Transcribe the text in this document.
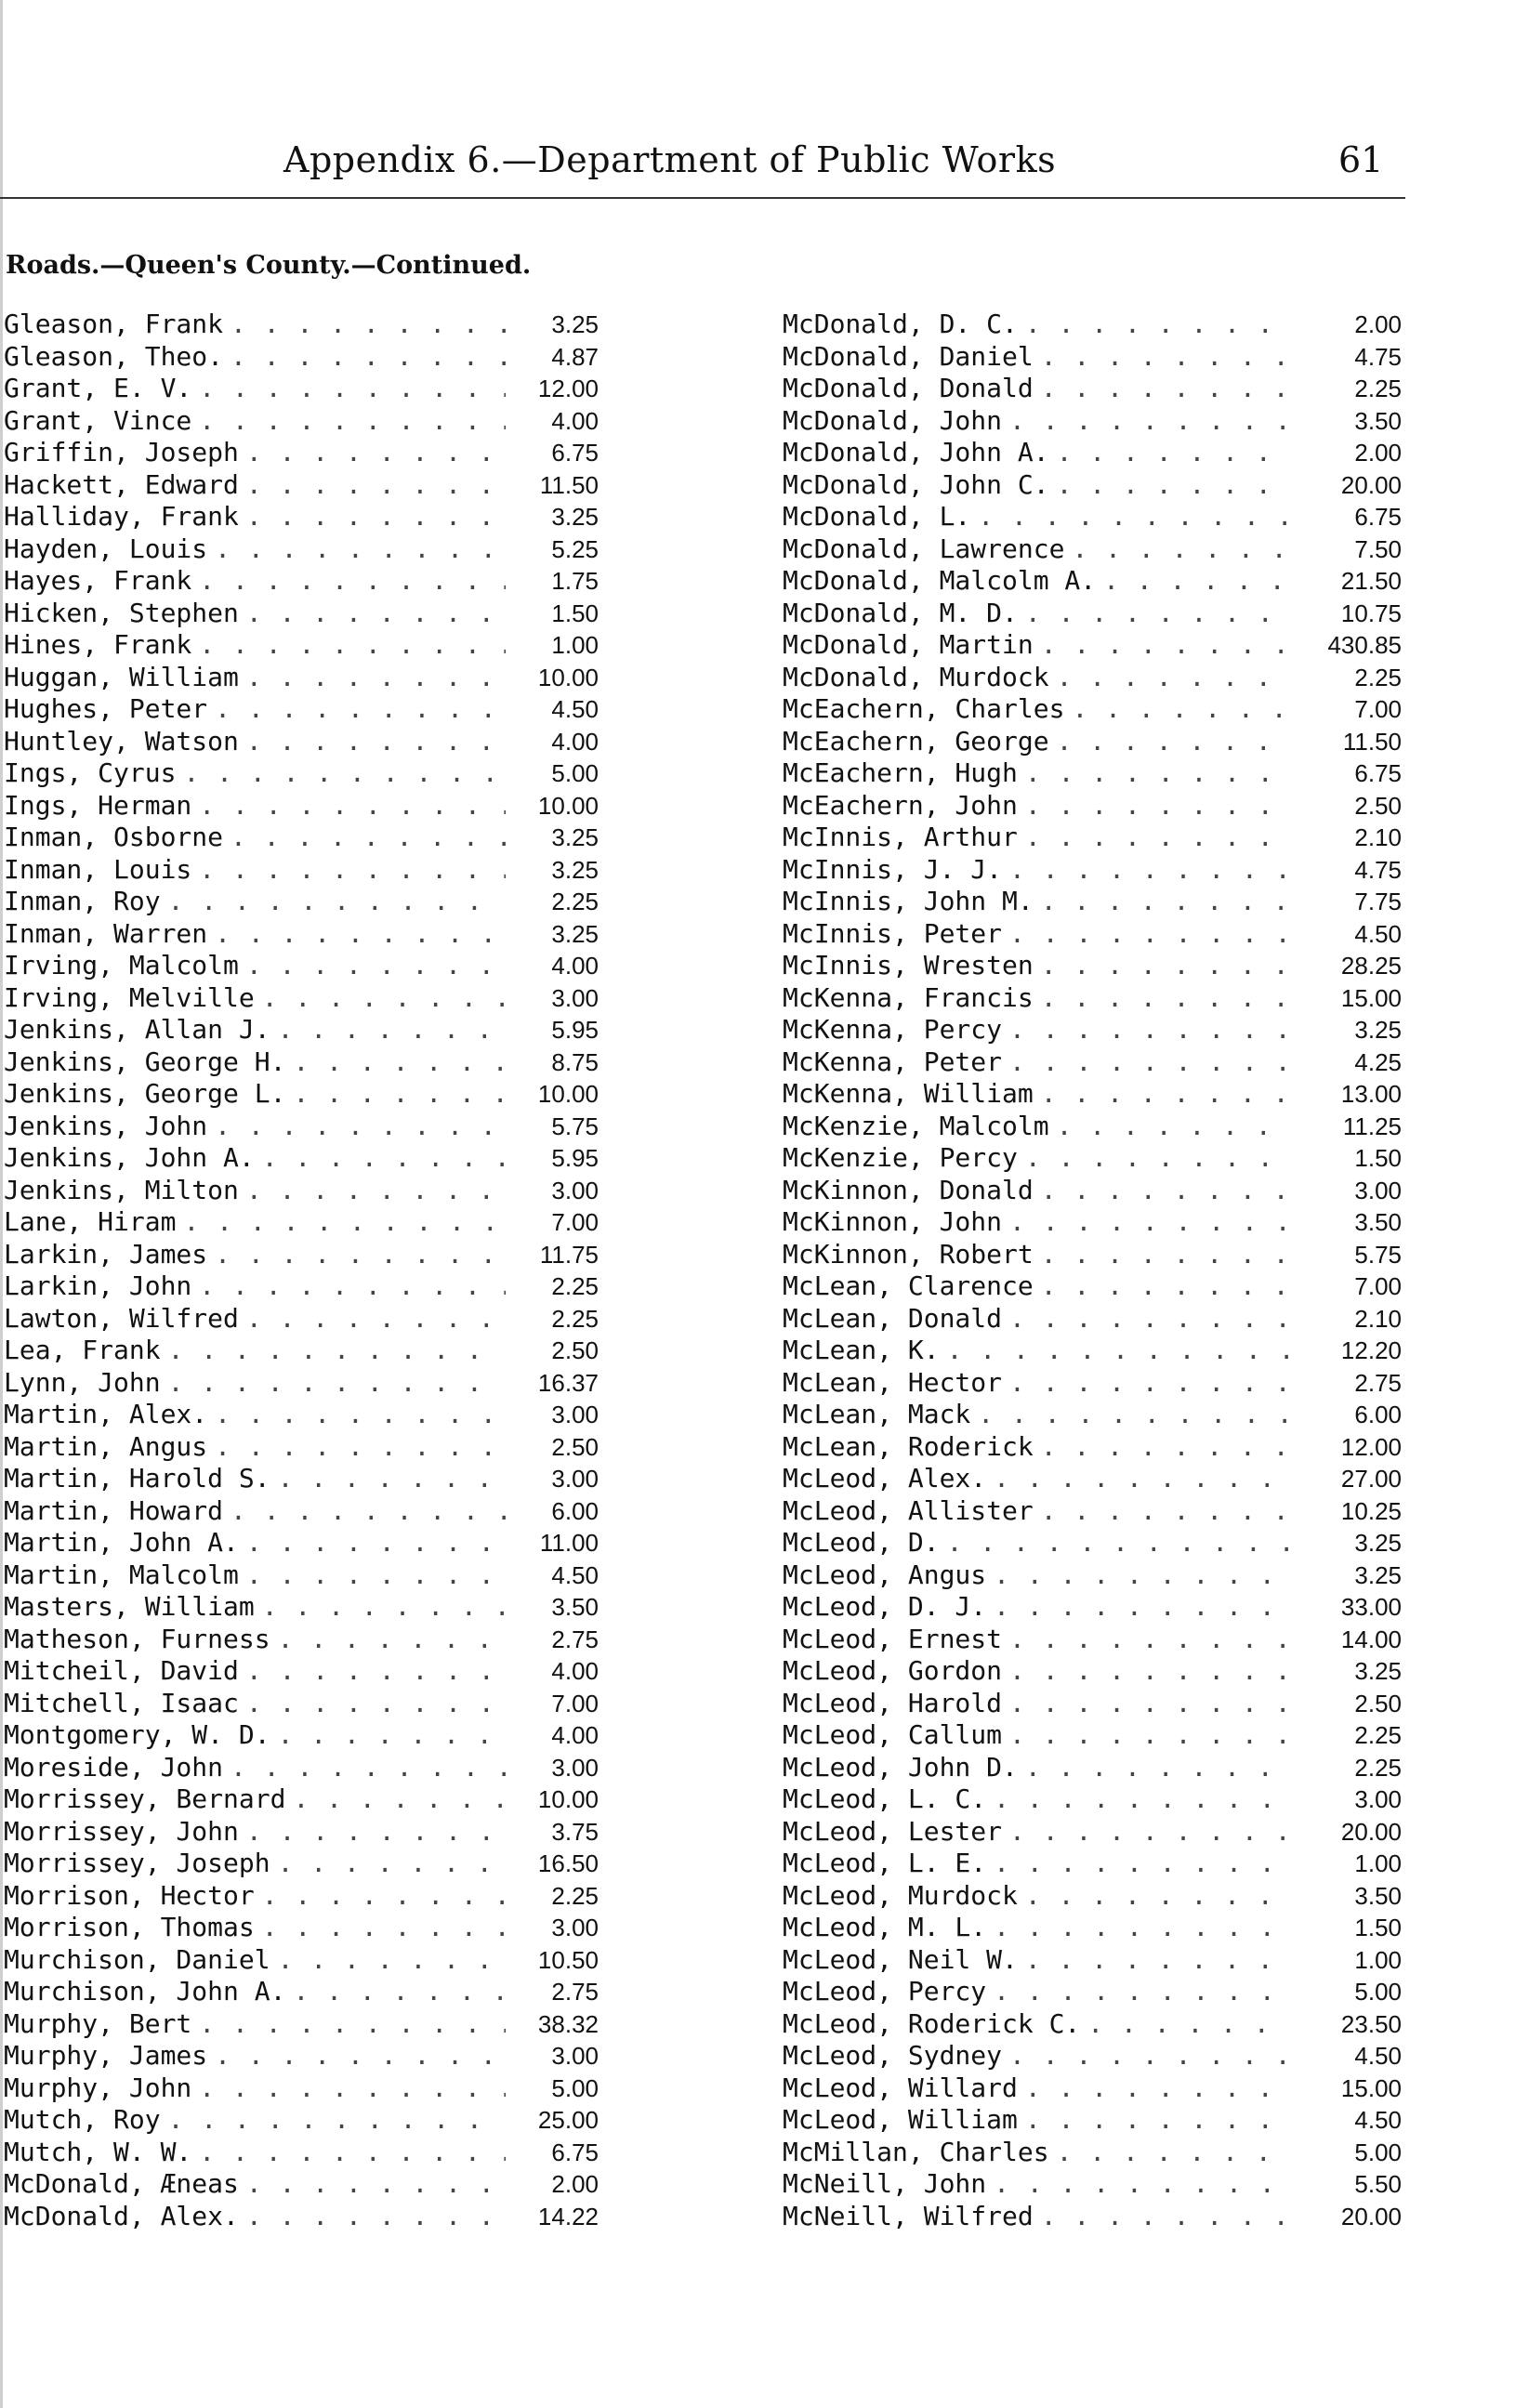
Appendix 6.—Department of Public Works	61
Roads.—Queen's County.—Continued.
Gleason, Frank . . .	3.25
Gleason, Theo. . . .	4.87
Grant, E. V. . . .	12.00
Grant, Vince . . .	4.00
Griffin, Joseph . . .	6.75
Hackett, Edward . . .	11.50
Halliday, Frank . . .	3.25
Hayden, Louis . . .	5.25
Hayes, Frank . . .	1.75
Hicken, Stephen . . .	1.50
Hines, Frank . . .	1.00
Huggan, William . . .	10.00
Hughes, Peter . . .	4.50
Huntley, Watson . . .	4.00
Ings, Cyrus . . .	5.00
Ings, Herman . . .	10.00
Inman, Osborne . . .	3.25
Inman, Louis . . .	3.25
Inman, Roy . . .	2.25
Inman, Warren . . .	3.25
Irving, Malcolm . . .	4.00
Irving, Melville . . .	3.00
Jenkins, Allan J. . . .	5.95
Jenkins, George H. . . .	8.75
Jenkins, George L. . . .	10.00
Jenkins, John . . .	5.75
Jenkins, John A. . . .	5.95
Jenkins, Milton . . .	3.00
Lane, Hiram . . .	7.00
Larkin, James . . .	11.75
Larkin, John . . .	2.25
Lawton, Wilfred . . .	2.25
Lea, Frank . . .	2.50
Lynn, John . . .	16.37
Martin, Alex. . . .	3.00
Martin, Angus . . .	2.50
Martin, Harold S. . . .	3.00
Martin, Howard . . .	6.00
Martin, John A. . . .	11.00
Martin, Malcolm . . .	4.50
Masters, William . . .	3.50
Matheson, Furness . . .	2.75
Mitcheil, David . . .	4.00
Mitchell, Isaac . . .	7.00
Montgomery, W. D. . . .	4.00
Moreside, John . . .	3.00
Morrissey, Bernard . . .	10.00
Morrissey, John . . .	3.75
Morrissey, Joseph . . .	16.50
Morrison, Hector . . .	2.25
Morrison, Thomas . . .	3.00
Murchison, Daniel . . .	10.50
Murchison, John A. . . .	2.75
Murphy, Bert . . .	38.32
Murphy, James . . .	3.00
Murphy, John . . .	5.00
Mutch, Roy . . .	25.00
Mutch, W. W. . . .	6.75
McDonald, Æneas . . .	2.00
McDonald, Alex. . . .	14.22
McDonald, D. C. . . .	2.00
McDonald, Daniel . . .	4.75
McDonald, Donald . . .	2.25
McDonald, John . . .	3.50
McDonald, John A. . . .	2.00
McDonald, John C. . . .	20.00
McDonald, L. . . .	6.75
McDonald, Lawrence . . .	7.50
McDonald, Malcolm A. . . .	21.50
McDonald, M. D. . . .	10.75
McDonald, Martin . . .	430.85
McDonald, Murdock . . .	2.25
McEachern, Charles . . .	7.00
McEachern, George . . .	11.50
McEachern, Hugh . . .	6.75
McEachern, John . . .	2.50
McInnis, Arthur . . .	2.10
McInnis, J. J. . . .	4.75
McInnis, John M. . . .	7.75
McInnis, Peter . . .	4.50
McInnis, Wresten . . .	28.25
McKenna, Francis . . .	15.00
McKenna, Percy . . .	3.25
McKenna, Peter . . .	4.25
McKenna, William . . .	13.00
McKenzie, Malcolm . . .	11.25
McKenzie, Percy . . .	1.50
McKinnon, Donald . . .	3.00
McKinnon, John . . .	3.50
McKinnon, Robert . . .	5.75
McLean, Clarence . . .	7.00
McLean, Donald . . .	2.10
McLean, K. . . .	12.20
McLean, Hector . . .	2.75
McLean, Mack . . .	6.00
McLean, Roderick . . .	12.00
McLeod, Alex. . . .	27.00
McLeod, Allister . . .	10.25
McLeod, D. . . .	3.25
McLeod, Angus . . .	3.25
McLeod, D. J. . . .	33.00
McLeod, Ernest . . .	14.00
McLeod, Gordon . . .	3.25
McLeod, Harold . . .	2.50
McLeod, Callum . . .	2.25
McLeod, John D. . . .	2.25
McLeod, L. C. . . .	3.00
McLeod, Lester . . .	20.00
McLeod, L. E. . . .	1.00
McLeod, Murdock . . .	3.50
McLeod, M. L. . . .	1.50
McLeod, Neil W. . . .	1.00
McLeod, Percy . . .	5.00
McLeod, Roderick C. . . .	23.50
McLeod, Sydney . . .	4.50
McLeod, Willard . . .	15.00
McLeod, William . . .	4.50
McMillan, Charles . . .	5.00
McNeill, John . . .	5.50
McNeill, Wilfred . . .	20.00
